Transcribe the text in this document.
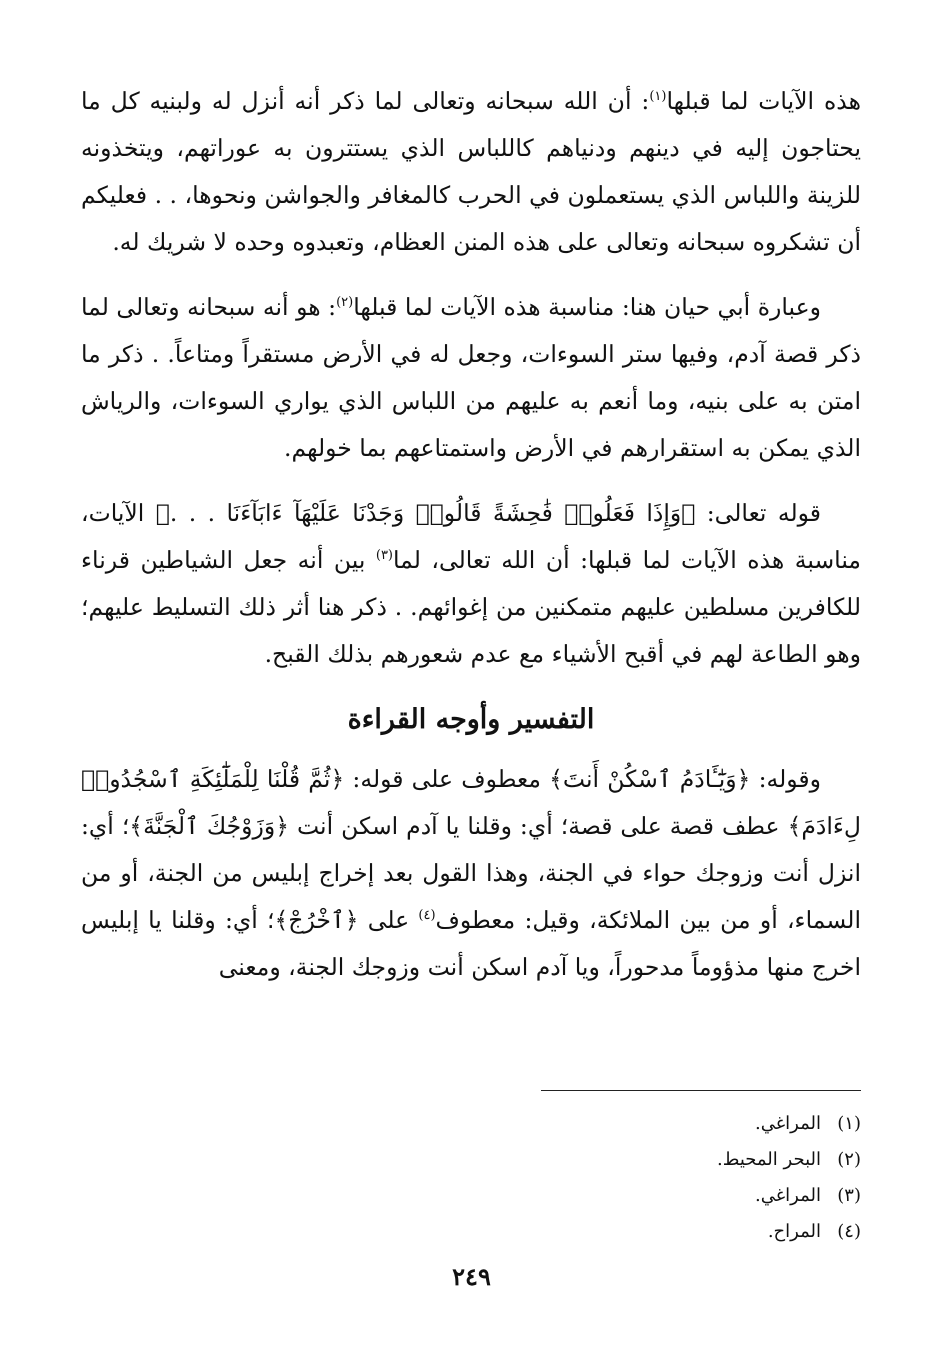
هذه الآيات لما قبلها$^{(١)}$: أن الله سبحانه وتعالى لما ذكر أنه أنزل له ولبنيه كل ما يحتاجون إليه في دينهم ودنياهم كاللباس الذي يستترون به عوراتهم، ويتخذونه للزينة واللباس الذي يستعملون في الحرب كالمغافر والجواشن ونحوها، . . فعليكم أن تشكروه سبحانه وتعالى على هذه المنن العظام، وتعبدوه وحده لا شريك له.

وعبارة أبي حيان هنا: مناسبة هذه الآيات لما قبلها$^{(٢)}$: هو أنه سبحانه وتعالى لما ذكر قصة آدم، وفيها ستر السوءات، وجعل له في الأرض مستقراً ومتاعاً. . ذكر ما امتن به على بنيه، وما أنعم به عليهم من اللباس الذي يواري السوءات، والرياش الذي يمكن به استقرارهم في الأرض واستمتاعهم بما خولهم.

قوله تعالى: ﴿وَإِذَا فَعَلُوا۟ فَٰحِشَةً قَالُوا۟ وَجَدْنَا عَلَيْهَآ ءَابَآءَنَا . . .﴾ الآيات، مناسبة هذه الآيات لما قبلها: أن الله تعالى، لما$^{(٣)}$ بين أنه جعل الشياطين قرناء للكافرين مسلطين عليهم متمكنين من إغوائهم. . ذكر هنا أثر ذلك التسليط عليهم؛ وهو الطاعة لهم في أقبح الأشياء مع عدم شعورهم بذلك القبح.

التفسير وأوجه القراءة

وقوله: ﴿وَيَٰٓـَٔادَمُ ٱسْكُنْ أَنتَ﴾ معطوف على قوله: ﴿ثُمَّ قُلْنَا لِلْمَلَٰٓئِكَةِ ٱسْجُدُوا۟ لِءَادَمَ﴾ عطف قصة على قصة؛ أي: وقلنا يا آدم اسكن أنت ﴿وَزَوْجُكَ ٱلْجَنَّةَ﴾؛ أي: انزل أنت وزوجك حواء في الجنة، وهذا القول بعد إخراج إبليس من الجنة، أو من السماء، أو من بين الملائكة، وقيل: معطوف$^{(٤)}$ على ﴿ٱخْرُجْ﴾؛ أي: وقلنا يا إبليس اخرج منها مذؤوماً مدحوراً، ويا آدم اسكن أنت وزوجك الجنة، ومعنى

(١)المراغي.
(٢)البحر المحيط.
(٣)المراغي.
(٤)المراح.
٢٤٩
